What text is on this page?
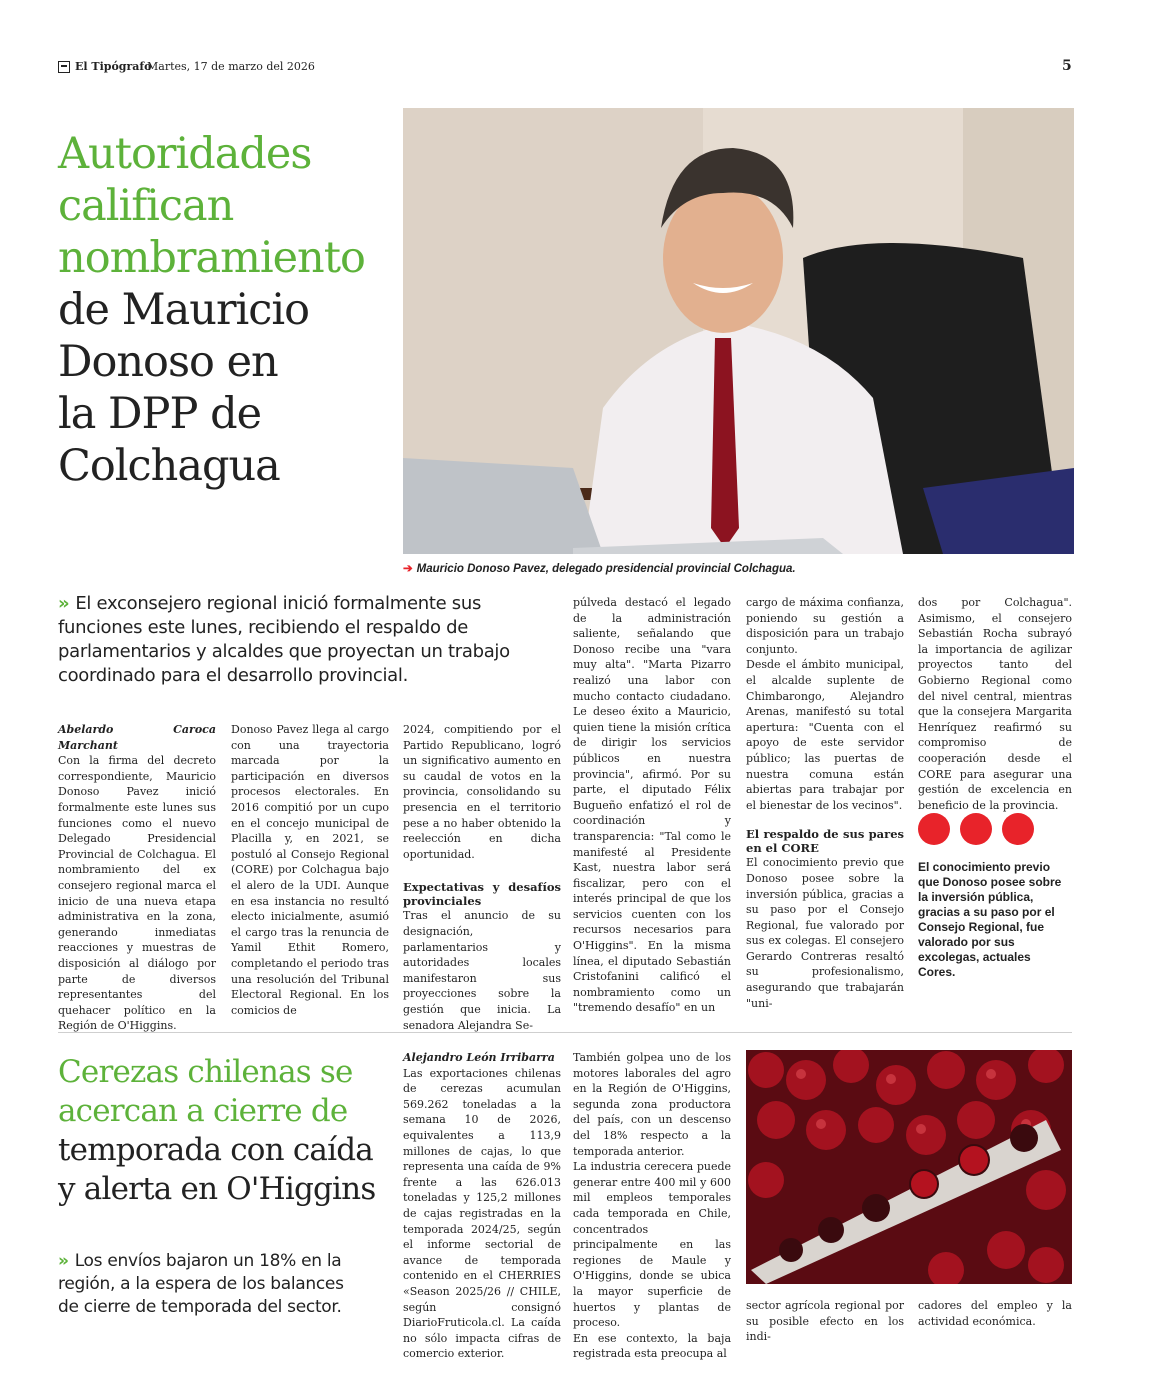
El Tipógrafo
Martes, 17 de marzo del 2026	5
Autoridades
califican
nombramiento
de Mauricio
Donoso en
la DPP de
Colchagua
➔ Mauricio Donoso Pavez, delegado presidencial provincial Colchagua.
» El exconsejero regional inició formalmente sus
funciones este lunes, recibiendo el respaldo de
parlamentarios y alcaldes que proyectan un trabajo
coordinado para el desarrollo provincial.

Abelardo Caroca Marchant

Con la firma del decreto correspondiente, Mauricio Donoso Pavez inició formalmente este lunes sus funciones como el nuevo Delegado Presidencial Provincial de Colchagua. El nombramiento del ex consejero regional marca el inicio de una nueva etapa administrativa en la zona, generando inmediatas reacciones y muestras de disposición al diálogo por parte de diversos representantes del quehacer político en la Región de O'Higgins.

Donoso Pavez llega al cargo con una trayectoria marcada por la participación en diversos procesos electorales. En 2016 compitió por un cupo en el concejo municipal de Placilla y, en 2021, se postuló al Consejo Regional (CORE) por Colchagua bajo el alero de la UDI. Aunque en esa instancia no resultó electo inicialmente, asumió el cargo tras la renuncia de Yamil Ethit Romero, completando el periodo tras una resolución del Tribunal Electoral Regional. En los comicios de

2024, compitiendo por el Partido Republicano, logró un significativo aumento en su caudal de votos en la provincia, consolidando su presencia en el territorio pese a no haber obtenido la reelección en dicha oportunidad.

Expectativas y desafíos provinciales

Tras el anuncio de su designación, parlamentarios y autoridades locales manifestaron sus proyecciones sobre la gestión que inicia. La senadora Alejandra Se-

púlveda destacó el legado de la administración saliente, señalando que Donoso recibe una "vara muy alta". "Marta Pizarro realizó una labor con mucho contacto ciudadano. Le deseo éxito a Mauricio, quien tiene la misión crítica de dirigir los servicios públicos en nuestra provincia", afirmó. Por su parte, el diputado Félix Bugueño enfatizó el rol de coordinación y transparencia: "Tal como le manifesté al Presidente Kast, nuestra labor será fiscalizar, pero con el interés principal de que los servicios cuenten con los recursos necesarios para O'Higgins". En la misma línea, el diputado Sebastián Cristofanini calificó el nombramiento como un "tremendo desafío" en un

cargo de máxima confianza, poniendo su gestión a disposición para un trabajo conjunto.

Desde el ámbito municipal, el alcalde suplente de Chimbarongo, Alejandro Arenas, manifestó su total apertura: "Cuenta con el apoyo de este servidor público; las puertas de nuestra comuna están abiertas para trabajar por el bienestar de los vecinos".

El respaldo de sus pares en el CORE

El conocimiento previo que Donoso posee sobre la inversión pública, gracias a su paso por el Consejo Regional, fue valorado por sus ex colegas. El consejero Gerardo Contreras resaltó su profesionalismo, asegurando que trabajarán "uni-

dos por Colchagua". Asimismo, el consejero Sebastián Rocha subrayó la importancia de agilizar proyectos tanto del Gobierno Regional como del nivel central, mientras que la consejera Margarita Henríquez reafirmó su compromiso de cooperación desde el CORE para asegurar una gestión de excelencia en beneficio de la provincia.

El conocimiento previo que Donoso posee sobre la inversión pública, gracias a su paso por el Consejo Regional, fue valorado por sus excolegas, actuales Cores.
Cerezas chilenas se
acercan a cierre de
temporada con caída
y alerta en O'Higgins
» Los envíos bajaron un 18% en la
región, a la espera de los balances
de cierre de temporada del sector.

Alejandro León Irribarra

Las exportaciones chilenas de cerezas acumulan 569.262 toneladas a la semana 10 de 2026, equivalentes a 113,9 millones de cajas, lo que representa una caída de 9% frente a las 626.013 toneladas y 125,2 millones de cajas registradas en la temporada 2024/25, según el informe sectorial de avance de temporada contenido en el CHERRIES «Season 2025/26 // CHILE, según consignó DiarioFruticola.cl. La caída no sólo impacta cifras de comercio exterior.

También golpea uno de los motores laborales del agro en la Región de O'Higgins, segunda zona productora del país, con un descenso del 18% respecto a la temporada anterior.

La industria cerecera puede generar entre 400 mil y 600 mil empleos temporales cada temporada en Chile, concentrados principalmente en las regiones de Maule y O'Higgins, donde se ubica la mayor superficie de huertos y plantas de proceso.

En ese contexto, la baja registrada esta preocupa al

sector agrícola regional por su posible efecto en los indi-

cadores del empleo y la actividad económica.
